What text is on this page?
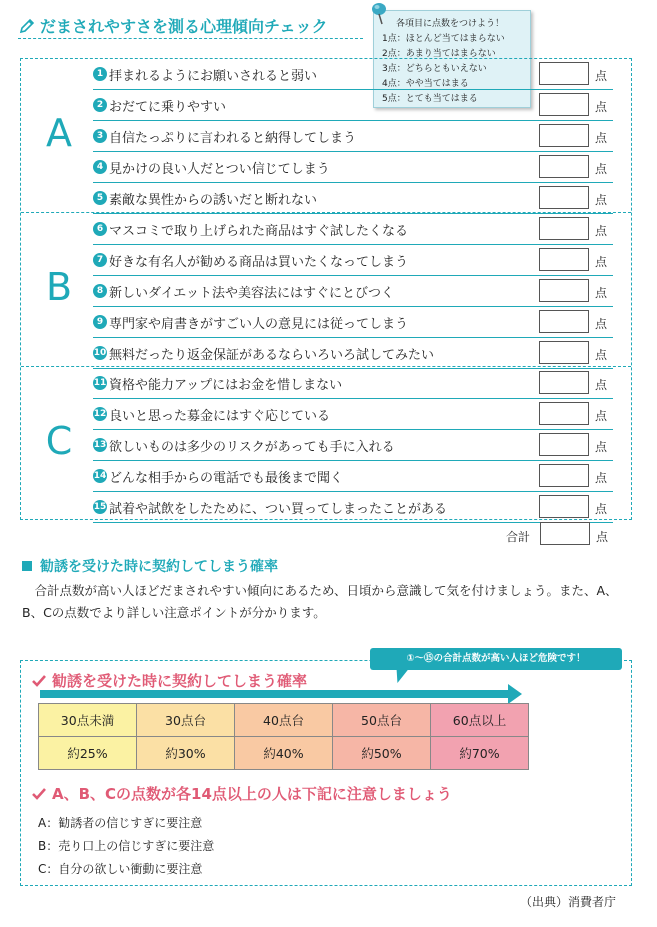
だまされやすさを測る心理傾向チェック	各項目に点数をつけよう！
1点：ほとんど当てはまらない
2点：あまり当てはまらない
3点：どちらともいえない
4点：やや当てはまる
5点：とても当てはまる
A
B
C
1 拝まれるようにお願いされると弱い	点
2 おだてに乗りやすい	点
3 自信たっぷりに言われると納得してしまう	点
4 見かけの良い人だとつい信じてしまう	点
5 素敵な異性からの誘いだと断れない	点
6 マスコミで取り上げられた商品はすぐ試したくなる	点
7 好きな有名人が勧める商品は買いたくなってしまう	点
8 新しいダイエット法や美容法にはすぐにとびつく	点
9 専門家や肩書きがすごい人の意見には従ってしまう	点
10 無料だったり返金保証があるならいろいろ試してみたい	点
11 資格や能力アップにはお金を惜しまない	点
12 良いと思った募金にはすぐ応じている	点
13 欲しいものは多少のリスクがあっても手に入れる	点
14 どんな相手からの電話でも最後まで聞く	点
15 試着や試飲をしたために、つい買ってしまったことがある	点
合計	点
勧誘を受けた時に契約してしまう確率
合計点数が高い人ほどだまされやすい傾向にあるため、日頃から意識して気を付けましょう。また、A、B、Cの点数でより詳しい注意ポイントが分かります。
①〜⑮の合計点数が高い人ほど危険です！
勧誘を受けた時に契約してしまう確率
30点未満	30点台	40点台	50点台	60点以上
約25%	約30%	約40%	約50%	約70%
A、B、Cの点数が各14点以上の人は下記に注意しましょう
A：勧誘者の信じすぎに要注意
B：売り口上の信じすぎに要注意
C：自分の欲しい衝動に要注意
（出典）消費者庁
